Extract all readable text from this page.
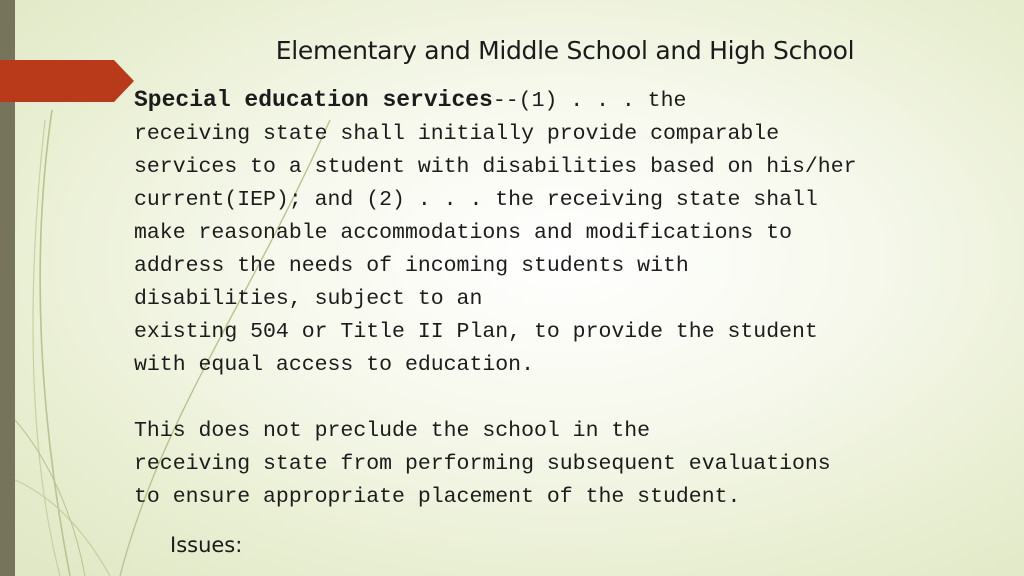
Elementary and Middle School and High School
Special education services--(1) . . . the
receiving state shall initially provide comparable
services to a student with disabilities based on his/her
current(IEP); and (2) . . . the receiving state shall
make reasonable accommodations and modifications to
address the needs of incoming students with
disabilities, subject to an
existing 504 or Title II Plan, to provide the student
with equal access to education.

This does not preclude the school in the
receiving state from performing subsequent evaluations
to ensure appropriate placement of the student.
Issues:
